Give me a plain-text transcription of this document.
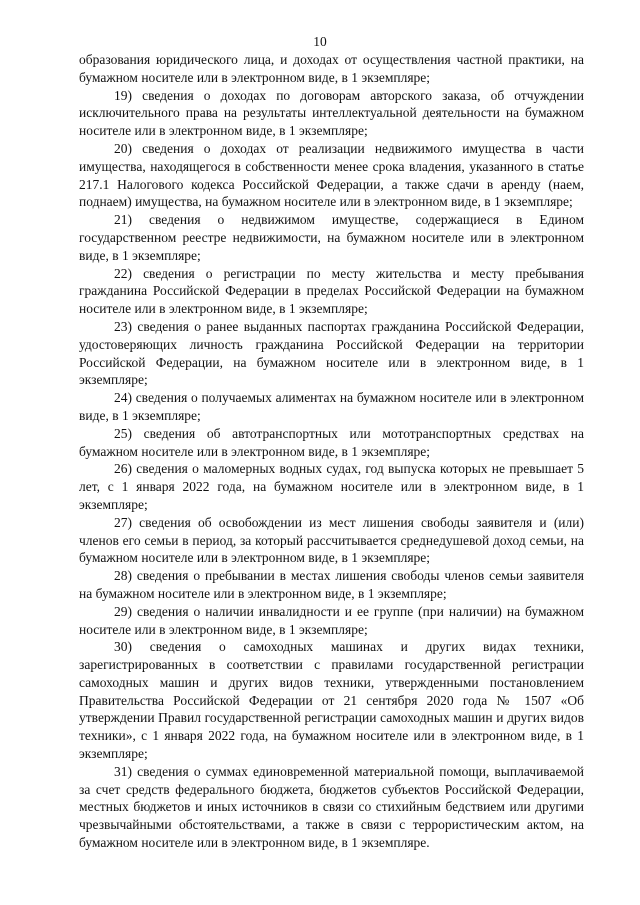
10

образования юридического лица, и доходах от осуществления частной практики, на бумажном носителе или в электронном виде, в 1 экземпляре;

19) сведения о доходах по договорам авторского заказа, об отчуждении исключительного права на результаты интеллектуальной деятельности на бумажном носителе или в электронном виде, в 1 экземпляре;

20) сведения о доходах от реализации недвижимого имущества в части имущества, находящегося в собственности менее срока владения, указанного в статье 217.1 Налогового кодекса Российской Федерации, а также сдачи в аренду (наем, поднаем) имущества, на бумажном носителе или в электронном виде, в 1 экземпляре;

21) сведения о недвижимом имуществе, содержащиеся в Едином государственном реестре недвижимости, на бумажном носителе или в электронном виде, в 1 экземпляре;

22) сведения о регистрации по месту жительства и месту пребывания гражданина Российской Федерации в пределах Российской Федерации на бумажном носителе или в электронном виде, в 1 экземпляре;

23) сведения о ранее выданных паспортах гражданина Российской Федерации, удостоверяющих личность гражданина Российской Федерации на территории Российской Федерации, на бумажном носителе или в электронном виде, в 1 экземпляре;

24) сведения о получаемых алиментах на бумажном носителе или в электронном виде, в 1 экземпляре;

25) сведения об автотранспортных или мототранспортных средствах на бумажном носителе или в электронном виде, в 1 экземпляре;

26) сведения о маломерных водных судах, год выпуска которых не превышает 5 лет, с 1 января 2022 года, на бумажном носителе или в электронном виде, в 1 экземпляре;

27) сведения об освобождении из мест лишения свободы заявителя и (или) членов его семьи в период, за который рассчитывается среднедушевой доход семьи, на бумажном носителе или в электронном виде, в 1 экземпляре;

28) сведения о пребывании в местах лишения свободы членов семьи заявителя на бумажном носителе или в электронном виде, в 1 экземпляре;

29) сведения о наличии инвалидности и ее группе (при наличии) на бумажном носителе или в электронном виде, в 1 экземпляре;

30) сведения о самоходных машинах и других видах техники, зарегистрированных в соответствии с правилами государственной регистрации самоходных машин и других видов техники, утвержденными постановлением Правительства Российской Федерации от 21 сентября 2020 года № 1507 «Об утверждении Правил государственной регистрации самоходных машин и других видов техники», с 1 января 2022 года, на бумажном носителе или в электронном виде, в 1 экземпляре;

31) сведения о суммах единовременной материальной помощи, выплачиваемой за счет средств федерального бюджета, бюджетов субъектов Российской Федерации, местных бюджетов и иных источников в связи со стихийным бедствием или другими чрезвычайными обстоятельствами, а также в связи с террористическим актом, на бумажном носителе или в электронном виде, в 1 экземпляре.
